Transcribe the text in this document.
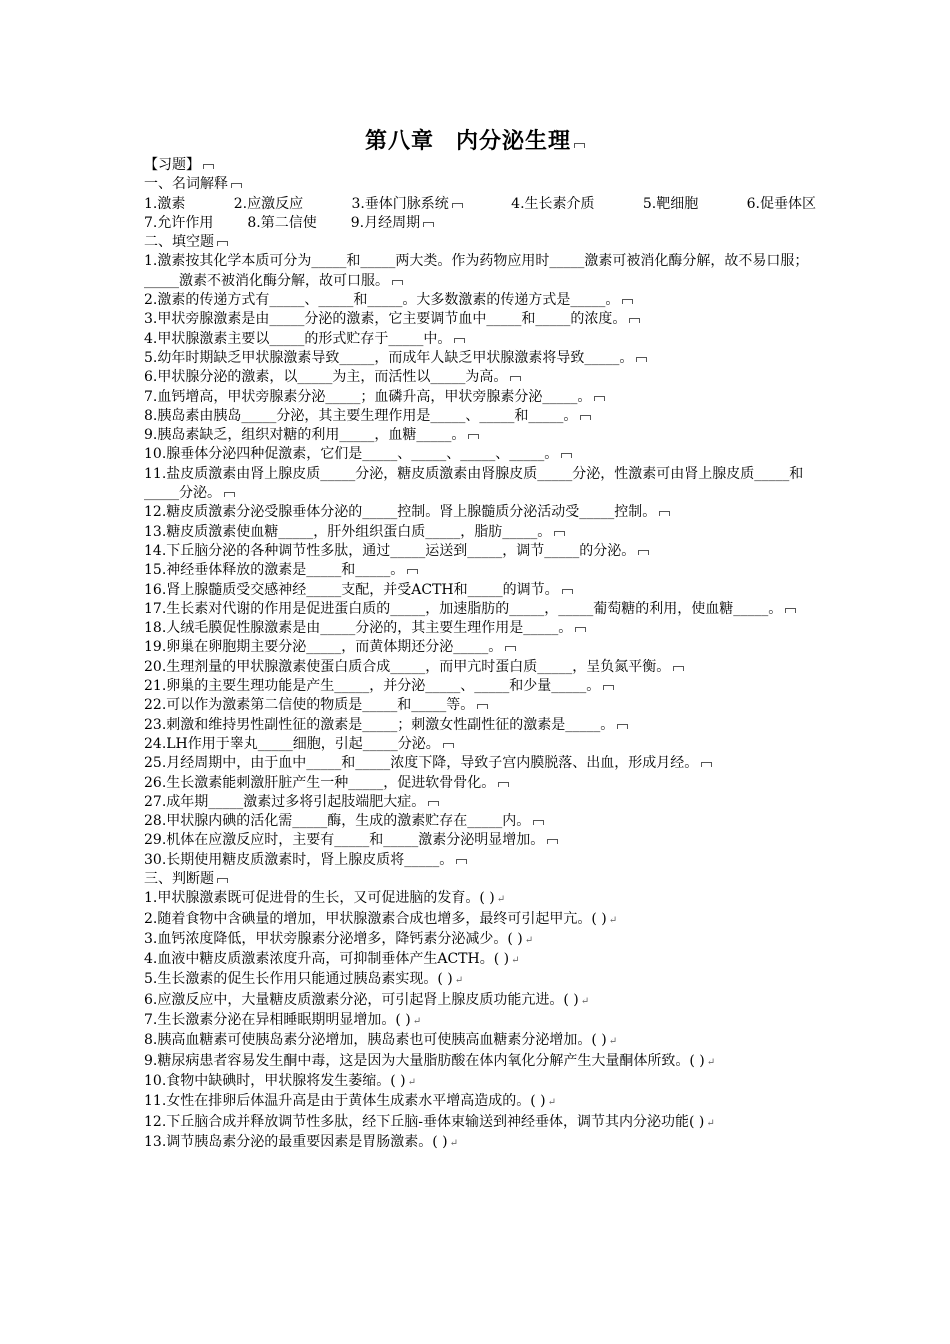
第八章 内分泌生理
【习题】
一、名词解释
1.激素	2.应激反应	3.垂体门脉系统	4.生长素介质	5.靶细胞	6.促垂体区
7.允许作用 8.第二信使 9.月经周期
二、填空题
1.激素按其化学本质可分为_____和_____两大类。作为药物应用时_____激素可被消化酶分解，故不易口服；_____激素不被消化酶分解，故可口服。
2.激素的传递方式有_____、_____和_____。大多数激素的传递方式是_____。
3.甲状旁腺激素是由_____分泌的激素，它主要调节血中_____和_____的浓度。
4.甲状腺激素主要以_____的形式贮存于_____中。
5.幼年时期缺乏甲状腺激素导致_____，而成年人缺乏甲状腺激素将导致_____。
6.甲状腺分泌的激素，以_____为主，而活性以_____为高。
7.血钙增高，甲状旁腺素分泌_____；血磷升高，甲状旁腺素分泌_____。
8.胰岛素由胰岛_____分泌，其主要生理作用是_____、_____和_____。
9.胰岛素缺乏，组织对糖的利用_____，血糖_____。
10.腺垂体分泌四种促激素，它们是_____、_____、_____、_____。
11.盐皮质激素由肾上腺皮质_____分泌，糖皮质激素由肾腺皮质_____分泌，性激素可由肾上腺皮质_____和_____分泌。
12.糖皮质激素分泌受腺垂体分泌的_____控制。肾上腺髓质分泌活动受_____控制。
13.糖皮质激素使血糖_____，肝外组织蛋白质_____，脂肪_____。
14.下丘脑分泌的各种调节性多肽，通过_____运送到_____，调节_____的分泌。
15.神经垂体释放的激素是_____和_____。
16.肾上腺髓质受交感神经_____支配，并受ACTH和_____的调节。
17.生长素对代谢的作用是促进蛋白质的_____，加速脂肪的_____，_____葡萄糖的利用，使血糖_____。
18.人绒毛膜促性腺激素是由_____分泌的，其主要生理作用是_____。
19.卵巢在卵胞期主要分泌_____，而黄体期还分泌_____。
20.生理剂量的甲状腺激素使蛋白质合成_____，而甲亢时蛋白质_____，呈负氮平衡。
21.卵巢的主要生理功能是产生_____，并分泌_____、_____和少量_____。
22.可以作为激素第二信使的物质是_____和_____等。
23.刺激和维持男性副性征的激素是_____；刺激女性副性征的激素是_____。
24.LH作用于睾丸_____细胞，引起_____分泌。
25.月经周期中，由于血中_____和_____浓度下降，导致子宫内膜脱落、出血，形成月经。
26.生长激素能刺激肝脏产生一种_____，促进软骨骨化。
27.成年期_____激素过多将引起肢端肥大症。
28.甲状腺内碘的活化需_____酶，生成的激素贮存在_____内。
29.机体在应激反应时，主要有_____和_____激素分泌明显增加。
30.长期使用糖皮质激素时，肾上腺皮质将_____。
三、判断题
1.甲状腺激素既可促进骨的生长，又可促进脑的发育。( ) ↵
2.随着食物中含碘量的增加，甲状腺激素合成也增多，最终可引起甲亢。( ) ↵
3.血钙浓度降低，甲状旁腺素分泌增多，降钙素分泌减少。( ) ↵
4.血液中糖皮质激素浓度升高，可抑制垂体产生ACTH。( ) ↵
5.生长激素的促生长作用只能通过胰岛素实现。( ) ↵
6.应激反应中，大量糖皮质激素分泌，可引起肾上腺皮质功能亢进。( ) ↵
7.生长激素分泌在异相睡眠期明显增加。( ) ↵
8.胰高血糖素可使胰岛素分泌增加，胰岛素也可使胰高血糖素分泌增加。( ) ↵
9.糖尿病患者容易发生酮中毒，这是因为大量脂肪酸在体内氧化分解产生大量酮体所致。( ) ↵
10.食物中缺碘时，甲状腺将发生萎缩。( ) ↵
11.女性在排卵后体温升高是由于黄体生成素水平增高造成的。( ) ↵
12.下丘脑合成并释放调节性多肽，经下丘脑-垂体束输送到神经垂体，调节其内分泌功能( ) ↵
13.调节胰岛素分泌的最重要因素是胃肠激素。( ) ↵
